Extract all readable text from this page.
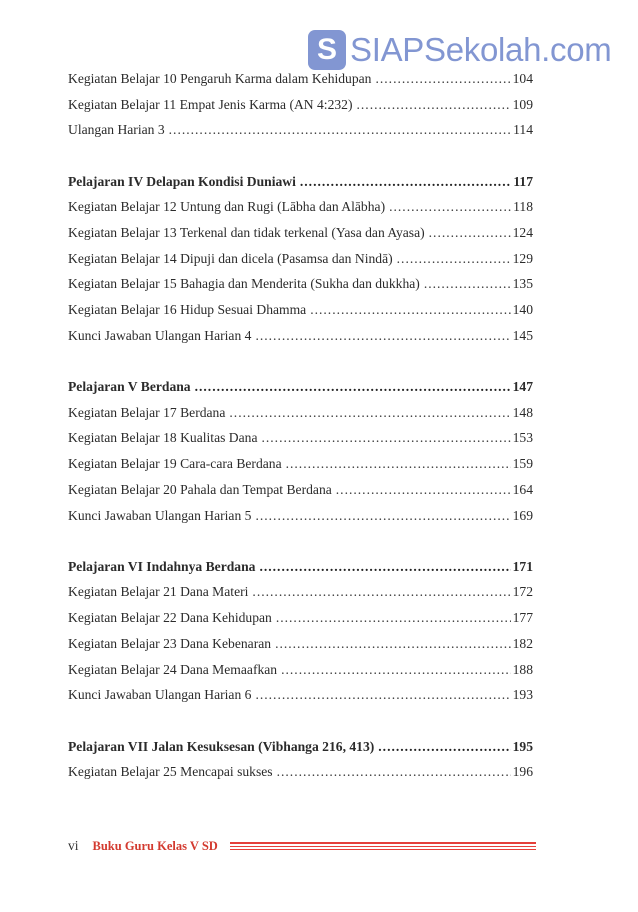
Kegiatan Belajar 10 Pengaruh Karma dalam Kehidupan .....	104
Kegiatan Belajar 11 Empat Jenis Karma (AN 4:232) .....	109
Ulangan Harian 3 .....	114
Pelajaran IV Delapan Kondisi Duniawi .....	117
Kegiatan Belajar 12 Untung dan Rugi (Lābha dan Alābha) .....	118
Kegiatan Belajar 13 Terkenal dan tidak terkenal (Yasa dan Ayasa) .....	124
Kegiatan Belajar 14 Dipuji dan dicela (Pasamsa dan Nindā) .....	129
Kegiatan Belajar 15 Bahagia dan Menderita (Sukha dan dukkha) .....	135
Kegiatan Belajar 16 Hidup Sesuai Dhamma .....	140
Kunci Jawaban Ulangan Harian 4 .....	145
Pelajaran V Berdana .....	147
Kegiatan Belajar 17 Berdana .....	148
Kegiatan Belajar 18 Kualitas Dana .....	153
Kegiatan Belajar 19 Cara-cara Berdana .....	159
Kegiatan Belajar 20 Pahala dan Tempat Berdana .....	164
Kunci Jawaban Ulangan Harian 5 .....	169
Pelajaran VI Indahnya Berdana .....	171
Kegiatan Belajar 21 Dana Materi .....	172
Kegiatan Belajar 22 Dana Kehidupan .....	177
Kegiatan Belajar 23 Dana Kebenaran .....	182
Kegiatan Belajar 24 Dana Memaafkan .....	188
Kunci Jawaban Ulangan Harian 6 .....	193
Pelajaran VII Jalan Kesuksesan (Vibhanga 216, 413) .....	195
Kegiatan Belajar 25 Mencapai sukses .....	196
S SIAPSekolah.com
vi Buku Guru Kelas V SD
